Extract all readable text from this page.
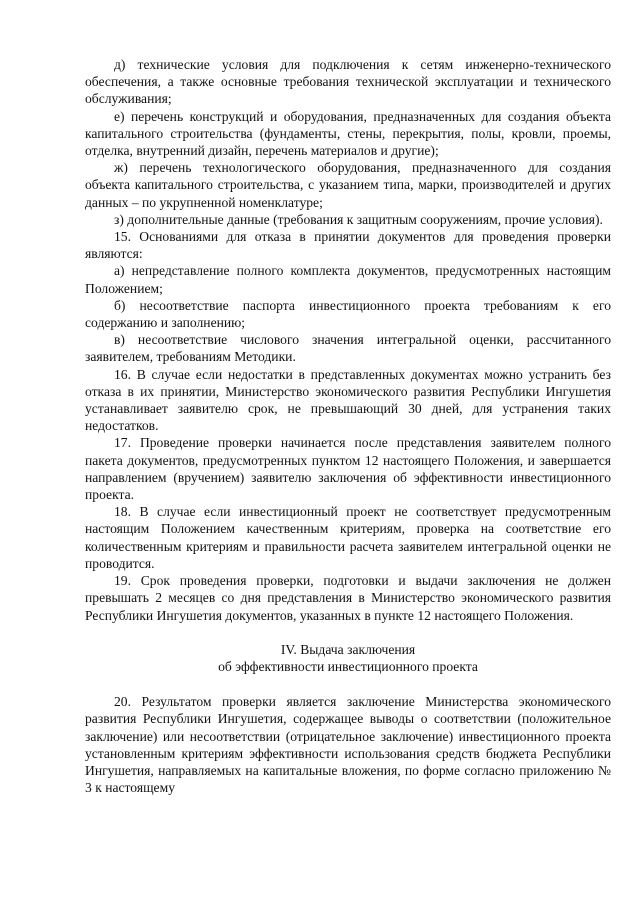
д) технические условия для подключения к сетям инженерно-технического обеспечения, а также основные требования технической эксплуатации и технического обслуживания;

е) перечень конструкций и оборудования, предназначенных для создания объекта капитального строительства (фундаменты, стены, перекрытия, полы, кровли, проемы, отделка, внутренний дизайн, перечень материалов и другие);

ж) перечень технологического оборудования, предназначенного для создания объекта капитального строительства, с указанием типа, марки, производителей и других данных – по укрупненной номенклатуре;

з) дополнительные данные (требования к защитным сооружениям, прочие условия).

15. Основаниями для отказа в принятии документов для проведения проверки являются:

а) непредставление полного комплекта документов, предусмотренных настоящим Положением;

б) несоответствие паспорта инвестиционного проекта требованиям к его содержанию и заполнению;

в) несоответствие числового значения интегральной оценки, рассчитанного заявителем, требованиям Методики.

16. В случае если недостатки в представленных документах можно устранить без отказа в их принятии, Министерство экономического развития Республики Ингушетия устанавливает заявителю срок, не превышающий 30 дней, для устранения таких недостатков.

17. Проведение проверки начинается после представления заявителем полного пакета документов, предусмотренных пунктом 12 настоящего Положения, и завершается направлением (вручением) заявителю заключения об эффективности инвестиционного проекта.

18. В случае если инвестиционный проект не соответствует предусмотренным настоящим Положением качественным критериям, проверка на соответствие его количественным критериям и правильности расчета заявителем интегральной оценки не проводится.

19. Срок проведения проверки, подготовки и выдачи заключения не должен превышать 2 месяцев со дня представления в Министерство экономического развития Республики Ингушетия документов, указанных в пункте 12 настоящего Положения.

IV. Выдача заключения

об эффективности инвестиционного проекта

20. Результатом проверки является заключение Министерства экономического развития Республики Ингушетия, содержащее выводы о соответствии (положительное заключение) или несоответствии (отрицательное заключение) инвестиционного проекта установленным критериям эффективности использования средств бюджета Республики Ингушетия, направляемых на капитальные вложения, по форме согласно приложению № 3 к настоящему
